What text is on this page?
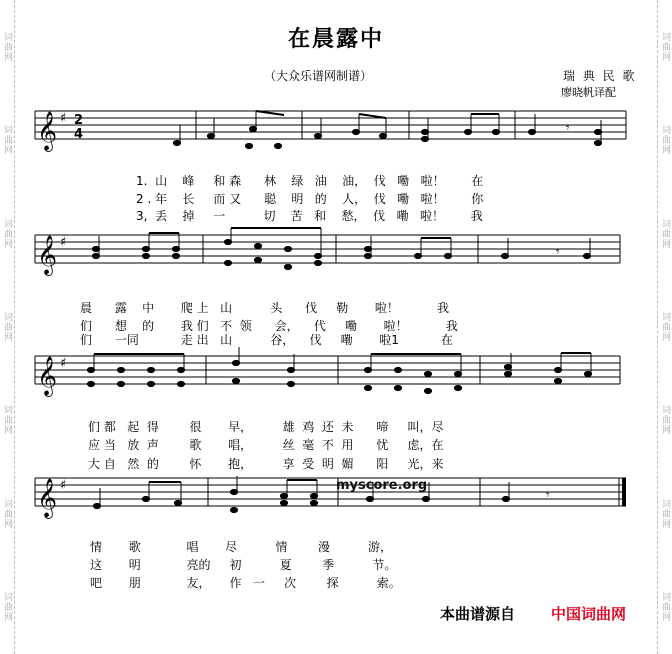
词曲网
词曲网
词曲网
词曲网
词曲网
词曲网
词曲网
词曲网
词曲网
词曲网
词曲网
词曲网
词曲网
词曲网
在晨露中
（大众乐谱网制谱）	瑞 典 民 歌
廖晓帆译配
𝄞 ♯ 2
4	𝄾
𝄞 ♯
𝄾
𝄞 ♯
𝄞 ♯
𝄾
1.  山    峰     和 森      林    绿   油    油，  伐   嘞   啦！       在
2 . 年    长     而 又      聪    明   的    人，  伐   嘞   啦！       你
3,  丢    掉     一          切    苦   和    愁，  伐   嘞   啦！       我
晨      露    中       爬 上   山          头      伐     勒       啦！          我
们      想    的       我 们   不  领      会，    代     嘞       啦！          我
们      一同           走 出   山          谷，    伐     嘞       啦1           在
们 都   起  得        很       早，        雄  鸡  还  未      啼     叫，尽
应 当   放  声        歌       唱，        丝  毫  不  用      忧     虑，在
大 自   然  的        怀       抱，        享  受  明  媚      阳     光，来
情       歌            唱       尽          情        漫          游，
这       明            亮的     初          夏        季          节。
吧       朋            友，     作   一     次        探          索。
myscore.org
本曲谱源自 中国词曲网
